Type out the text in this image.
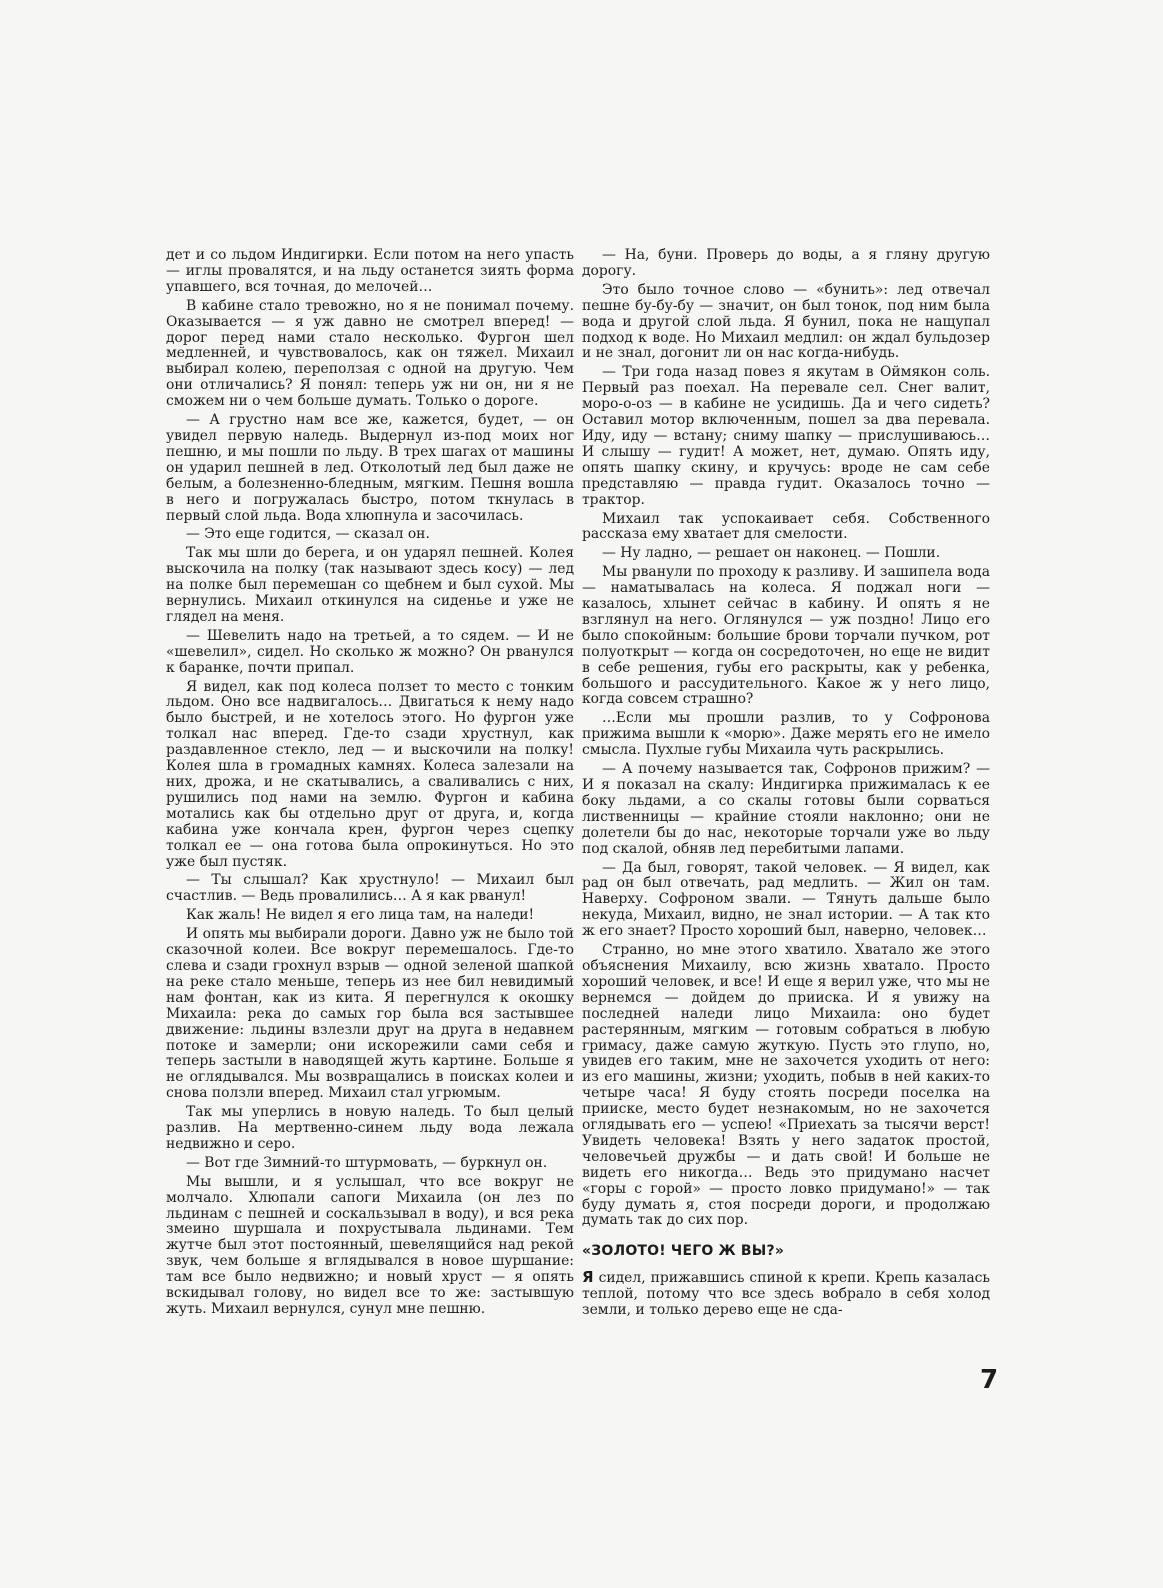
дет и со льдом Индигирки. Если потом на него упасть — иглы провалятся, и на льду останется зиять форма упавшего, вся точная, до мелочей…

В кабине стало тревожно, но я не понимал почему. Оказывается — я уж давно не смотрел вперед! — дорог перед нами стало несколько. Фургон шел медленней, и чувствовалось, как он тяжел. Михаил выбирал колею, переползая с одной на другую. Чем они отличались? Я понял: теперь уж ни он, ни я не сможем ни о чем больше думать. Только о дороге.

— А грустно нам все же, кажется, будет, — он увидел первую наледь. Выдернул из-под моих ног пешню, и мы пошли по льду. В трех шагах от машины он ударил пешней в лед. Отколотый лед был даже не белым, а болезненно-бледным, мягким. Пешня вошла в него и погружалась быстро, потом ткнулась в первый слой льда. Вода хлюпнула и засочилась.

— Это еще годится, — сказал он.

Так мы шли до берега, и он ударял пешней. Колея выскочила на полку (так называют здесь косу) — лед на полке был перемешан со щебнем и был сухой. Мы вернулись. Михаил откинулся на сиденье и уже не глядел на меня.

— Шевелить надо на третьей, а то сядем. — И не «шевелил», сидел. Но сколько ж можно? Он рванулся к баранке, почти припал.

Я видел, как под колеса ползет то место с тонким льдом. Оно все надвигалось… Двигаться к нему надо было быстрей, и не хотелось этого. Но фургон уже толкал нас вперед. Где-то сзади хрустнул, как раздавленное стекло, лед — и выскочили на полку! Колея шла в громадных камнях. Колеса залезали на них, дрожа, и не скатывались, а сваливались с них, рушились под нами на землю. Фургон и кабина мотались как бы отдельно друг от друга, и, когда кабина уже кончала крен, фургон через сцепку толкал ее — она готова была опрокинуться. Но это уже был пустяк.

— Ты слышал? Как хрустнуло! — Михаил был счастлив. — Ведь провалились… А я как рванул!

Как жаль! Не видел я его лица там, на наледи!

И опять мы выбирали дороги. Давно уж не было той сказочной колеи. Все вокруг перемешалось. Где-то слева и сзади грохнул взрыв — одной зеленой шапкой на реке стало меньше, теперь из нее бил невидимый нам фонтан, как из кита. Я перегнулся к окошку Михаила: река до самых гор была вся застывшее движение: льдины взлезли друг на друга в недавнем потоке и замерли; они искорежили сами себя и теперь застыли в наводящей жуть картине. Больше я не оглядывался. Мы возвращались в поисках колеи и снова ползли вперед. Михаил стал угрюмым.

Так мы уперлись в новую наледь. То был целый разлив. На мертвенно-синем льду вода лежала недвижно и серо.

— Вот где Зимний-то штурмовать, — буркнул он.

Мы вышли, и я услышал, что все вокруг не молчало. Хлюпали сапоги Михаила (он лез по льдинам с пешней и соскальзывал в воду), и вся река змеино шуршала и похрустывала льдинами. Тем жутче был этот постоянный, шевелящийся над рекой звук, чем больше я вглядывался в новое шуршание: там все было недвижно; и новый хруст — я опять вскидывал голову, но видел все то же: застывшую жуть. Михаил вернулся, сунул мне пешню.

— На, буни. Проверь до воды, а я гляну другую дорогу.

Это было точное слово — «бунить»: лед отвечал пешне бу-бу-бу — значит, он был тонок, под ним была вода и другой слой льда. Я бунил, пока не нащупал подход к воде. Но Михаил медлил: он ждал бульдозер и не знал, догонит ли он нас когда-нибудь.

— Три года назад повез я якутам в Оймякон соль. Первый раз поехал. На перевале сел. Снег валит, моро-о-оз — в кабине не усидишь. Да и чего сидеть? Оставил мотор включенным, пошел за два перевала. Иду, иду — встану; сниму шапку — прислушиваюсь… И слышу — гудит! А может, нет, думаю. Опять иду, опять шапку скину, и кручусь: вроде не сам себе представляю — правда гудит. Оказалось точно — трактор.

Михаил так успокаивает себя. Собственного рассказа ему хватает для смелости.

— Ну ладно, — решает он наконец. — Пошли.

Мы рванули по проходу к разливу. И зашипела вода — наматывалась на колеса. Я поджал ноги — казалось, хлынет сейчас в кабину. И опять я не взглянул на него. Оглянулся — уж поздно! Лицо его было спокойным: большие брови торчали пучком, рот полуоткрыт — когда он сосредоточен, но еще не видит в себе решения, губы его раскрыты, как у ребенка, большого и рассудительного. Какое ж у него лицо, когда совсем страшно?

…Если мы прошли разлив, то у Софронова прижима вышли к «морю». Даже мерять его не имело смысла. Пухлые губы Михаила чуть раскрылись.

— А почему называется так, Софронов прижим? — И я показал на скалу: Индигирка прижималась к ее боку льдами, а со скалы готовы были сорваться лиственницы — крайние стояли наклонно; они не долетели бы до нас, некоторые торчали уже во льду под скалой, обняв лед перебитыми лапами.

— Да был, говорят, такой человек. — Я видел, как рад он был отвечать, рад медлить. — Жил он там. Наверху. Софроном звали. — Тянуть дальше было некуда, Михаил, видно, не знал истории. — А так кто ж его знает? Просто хороший был, наверно, человек…

Странно, но мне этого хватило. Хватало же этого объяснения Михаилу, всю жизнь хватало. Просто хороший человек, и все! И еще я верил уже, что мы не вернемся — дойдем до прииска. И я увижу на последней наледи лицо Михаила: оно будет растерянным, мягким — готовым собраться в любую гримасу, даже самую жуткую. Пусть это глупо, но, увидев его таким, мне не захочется уходить от него: из его машины, жизни; уходить, побыв в ней каких-то четыре часа! Я буду стоять посреди поселка на прииске, место будет незнакомым, но не захочется оглядывать его — успею! «Приехать за тысячи верст! Увидеть человека! Взять у него задаток простой, человечьей дружбы — и дать свой! И больше не видеть его никогда… Ведь это придумано насчет «горы с горой» — просто ловко придумано!» — так буду думать я, стоя посреди дороги, и продолжаю думать так до сих пор.

«ЗОЛОТО! ЧЕГО Ж ВЫ?»

Я сидел, прижавшись спиной к крепи. Крепь казалась теплой, потому что все здесь вобрало в себя холод земли, и только дерево еще не сда-

7
